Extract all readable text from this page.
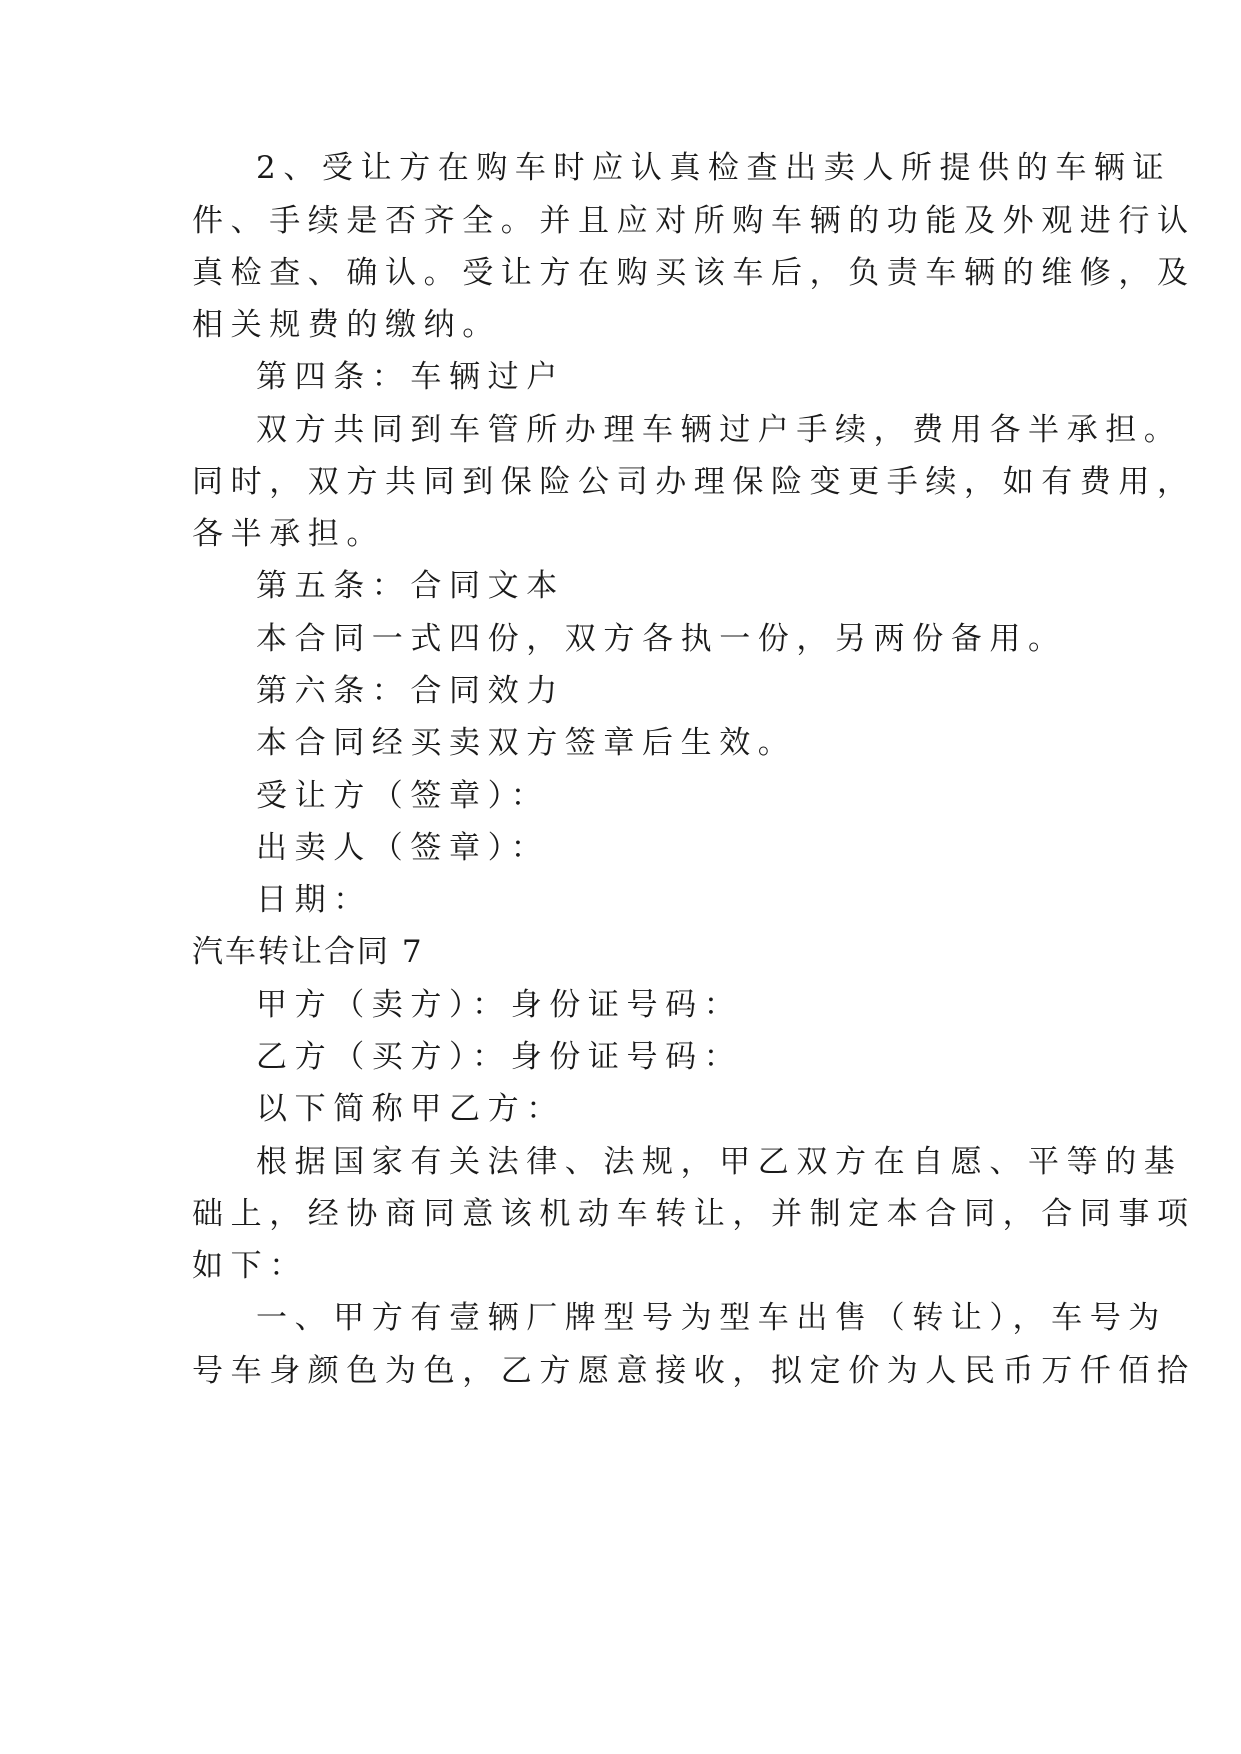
2、受让方在购车时应认真检查出卖人所提供的车辆证
件、手续是否齐全。并且应对所购车辆的功能及外观进行认
真检查、确认。受让方在购买该车后，负责车辆的维修，及
相关规费的缴纳。
第四条：车辆过户
双方共同到车管所办理车辆过户手续，费用各半承担。
同时，双方共同到保险公司办理保险变更手续，如有费用，
各半承担。
第五条：合同文本
本合同一式四份，双方各执一份，另两份备用。
第六条：合同效力
本合同经买卖双方签章后生效。
受让方（签章）：
出卖人（签章）：
日期：
汽车转让合同 7
甲方（卖方）：身份证号码：
乙方（买方）：身份证号码：
以下简称甲乙方：
根据国家有关法律、法规，甲乙双方在自愿、平等的基
础上，经协商同意该机动车转让，并制定本合同，合同事项
如下：
一、甲方有壹辆厂牌型号为型车出售（转让），车号为
号车身颜色为色，乙方愿意接收，拟定价为人民币万仟佰拾
